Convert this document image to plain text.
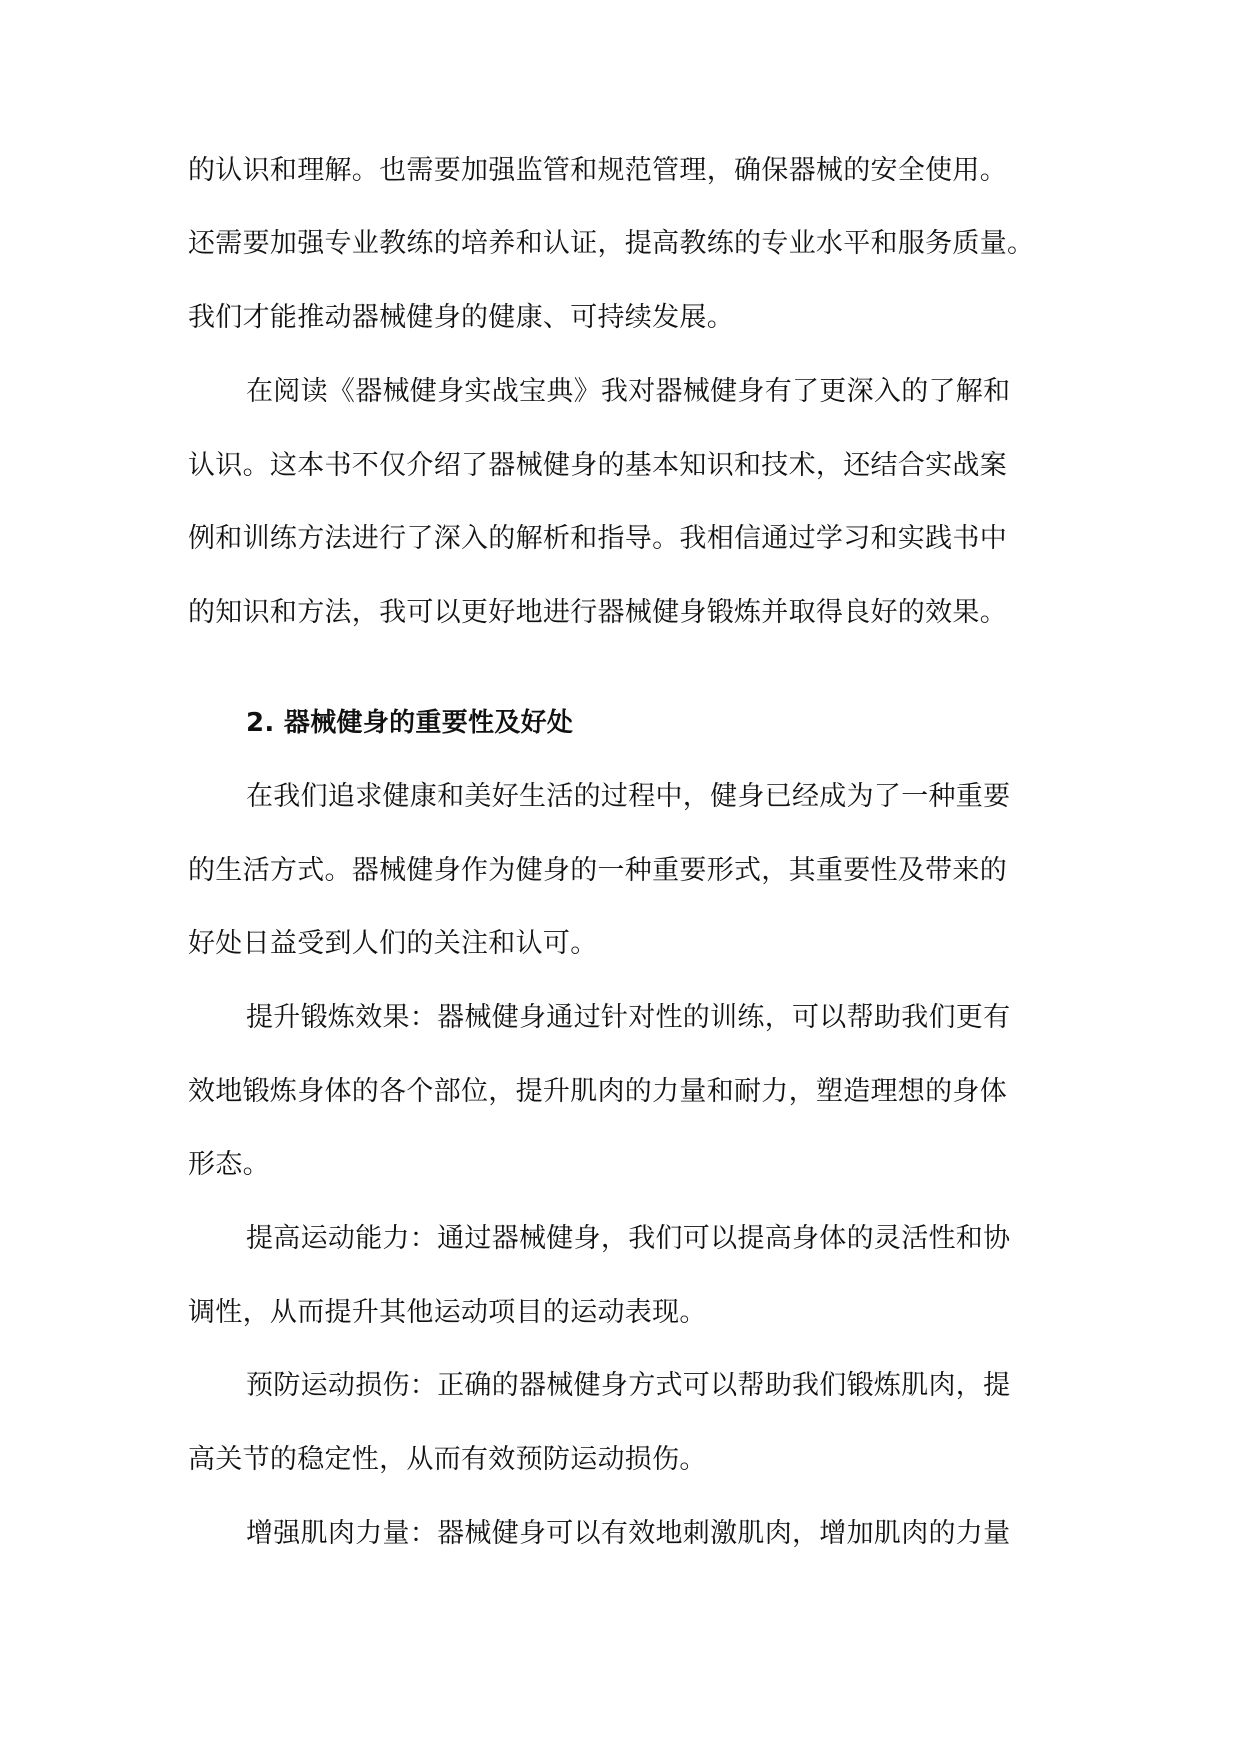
的认识和理解。也需要加强监管和规范管理，确保器械的安全使用。
还需要加强专业教练的培养和认证，提高教练的专业水平和服务质量。
我们才能推动器械健身的健康、可持续发展。
在阅读《器械健身实战宝典》我对器械健身有了更深入的了解和
认识。这本书不仅介绍了器械健身的基本知识和技术，还结合实战案
例和训练方法进行了深入的解析和指导。我相信通过学习和实践书中
的知识和方法，我可以更好地进行器械健身锻炼并取得良好的效果。
2. 器械健身的重要性及好处
在我们追求健康和美好生活的过程中，健身已经成为了一种重要
的生活方式。器械健身作为健身的一种重要形式，其重要性及带来的
好处日益受到人们的关注和认可。
提升锻炼效果：器械健身通过针对性的训练，可以帮助我们更有
效地锻炼身体的各个部位，提升肌肉的力量和耐力，塑造理想的身体
形态。
提高运动能力：通过器械健身，我们可以提高身体的灵活性和协
调性，从而提升其他运动项目的运动表现。
预防运动损伤：正确的器械健身方式可以帮助我们锻炼肌肉，提
高关节的稳定性，从而有效预防运动损伤。
增强肌肉力量：器械健身可以有效地刺激肌肉，增加肌肉的力量
